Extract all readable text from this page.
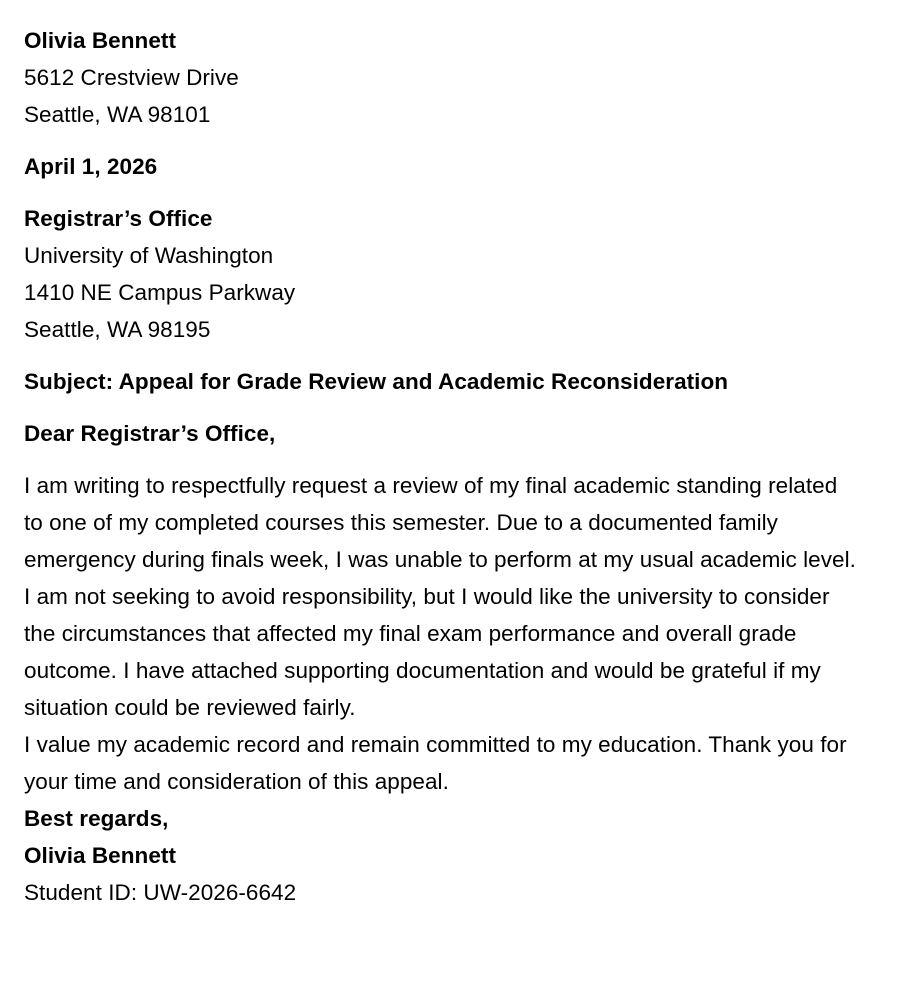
Olivia Bennett
5612 Crestview Drive
Seattle, WA 98101
April 1, 2026
Registrar’s Office
University of Washington
1410 NE Campus Parkway
Seattle, WA 98195
Subject: Appeal for Grade Review and Academic Reconsideration
Dear Registrar’s Office,

I am writing to respectfully request a review of my final academic standing related to one of my completed courses this semester. Due to a documented family emergency during finals week, I was unable to perform at my usual academic level.

I am not seeking to avoid responsibility, but I would like the university to consider the circumstances that affected my final exam performance and overall grade outcome. I have attached supporting documentation and would be grateful if my situation could be reviewed fairly.

I value my academic record and remain committed to my education. Thank you for your time and consideration of this appeal.

Best regards,
Olivia Bennett
Student ID: UW-2026-6642
